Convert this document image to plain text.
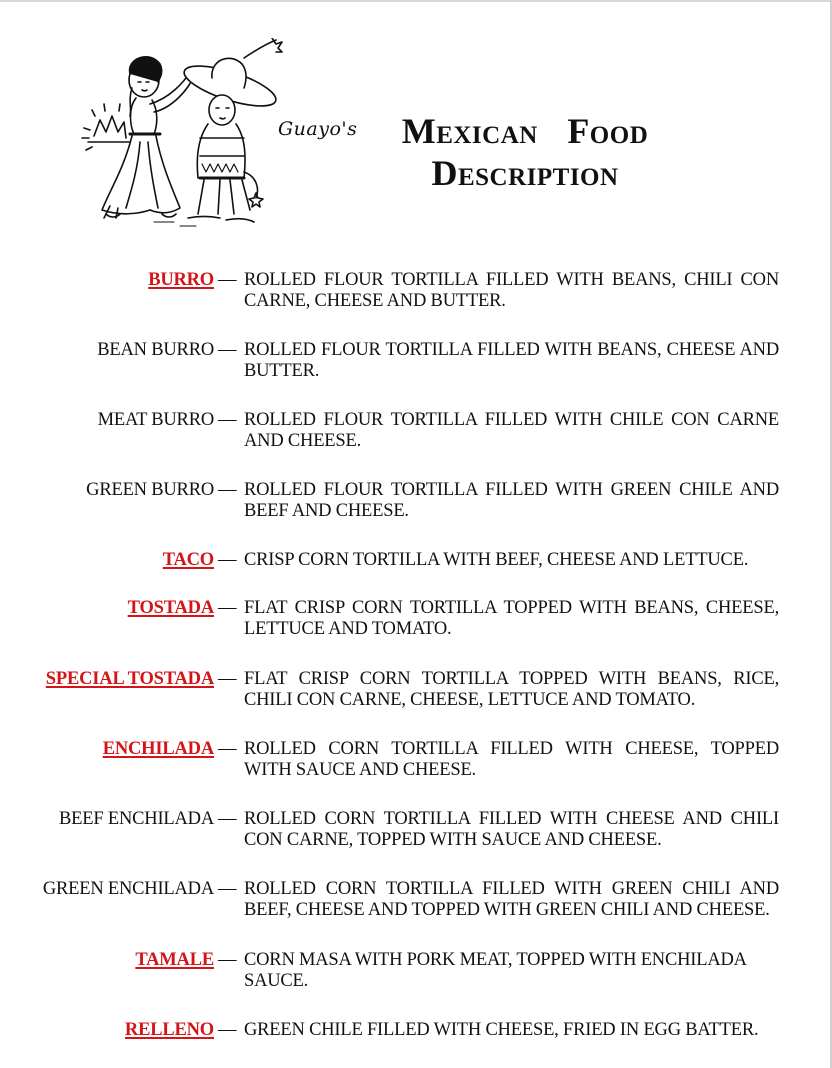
Guayo's	Mexican Food
Description
BURRO — ROLLED FLOUR TORTILLA FILLED WITH BEANS, CHILI CON CARNE, CHEESE AND BUTTER.
BEAN BURRO — ROLLED FLOUR TORTILLA FILLED WITH BEANS, CHEESE AND BUTTER.
MEAT BURRO — ROLLED FLOUR TORTILLA FILLED WITH CHILE CON CARNE AND CHEESE.
GREEN BURRO — ROLLED FLOUR TORTILLA FILLED WITH GREEN CHILE AND BEEF AND CHEESE.
TACO — CRISP CORN TORTILLA WITH BEEF, CHEESE AND LETTUCE.
TOSTADA — FLAT CRISP CORN TORTILLA TOPPED WITH BEANS, CHEESE, LETTUCE AND TOMATO.
SPECIAL TOSTADA — FLAT CRISP CORN TORTILLA TOPPED WITH BEANS, RICE, CHILI CON CARNE, CHEESE, LETTUCE AND TOMATO.
ENCHILADA — ROLLED CORN TORTILLA FILLED WITH CHEESE, TOPPED WITH SAUCE AND CHEESE.
BEEF ENCHILADA — ROLLED CORN TORTILLA FILLED WITH CHEESE AND CHILI CON CARNE, TOPPED WITH SAUCE AND CHEESE.
GREEN ENCHILADA — ROLLED CORN TORTILLA FILLED WITH GREEN CHILI AND BEEF, CHEESE AND TOPPED WITH GREEN CHILI AND CHEESE.
TAMALE — CORN MASA WITH PORK MEAT, TOPPED WITH ENCHILADA SAUCE.
RELLENO — GREEN CHILE FILLED WITH CHEESE, FRIED IN EGG BATTER.
